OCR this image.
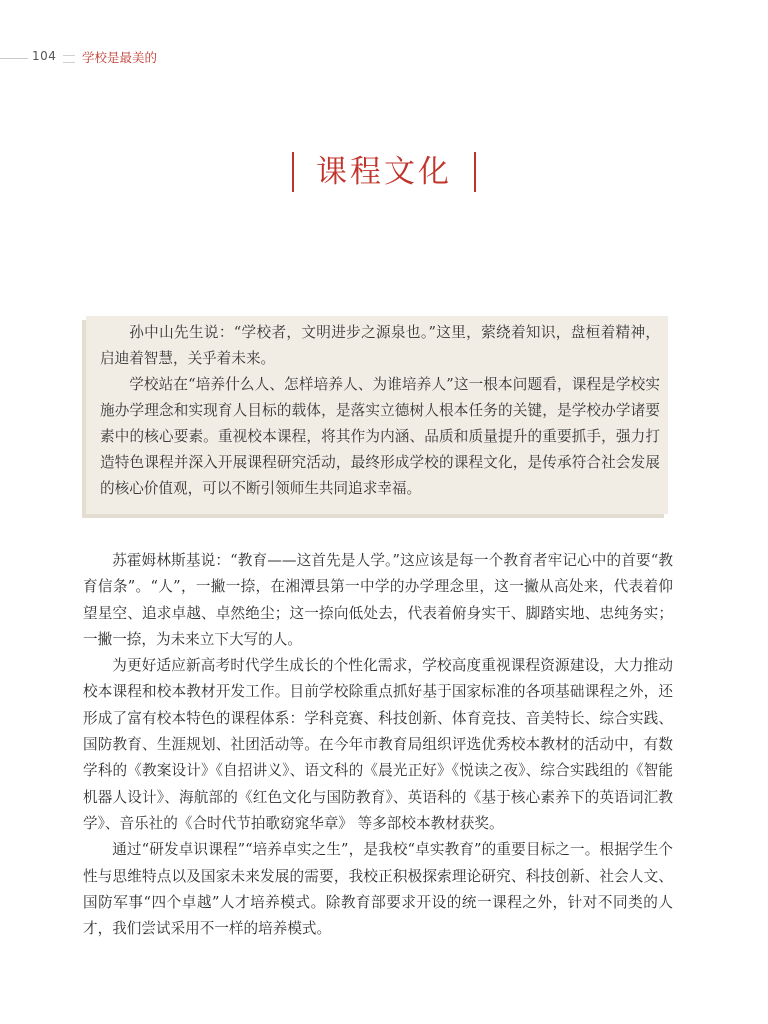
104 学校是最美的
课程文化

孙中山先生说：“学校者，文明进步之源泉也。”这里，萦绕着知识，盘桓着精神，启迪着智慧，关乎着未来。

学校站在“培养什么人、怎样培养人、为谁培养人”这一根本问题看，课程是学校实施办学理念和实现育人目标的载体，是落实立德树人根本任务的关键，是学校办学诸要素中的核心要素。重视校本课程，将其作为内涵、品质和质量提升的重要抓手，强力打造特色课程并深入开展课程研究活动，最终形成学校的课程文化，是传承符合社会发展的核心价值观，可以不断引领师生共同追求幸福。

苏霍姆林斯基说：“教育——这首先是人学。”这应该是每一个教育者牢记心中的首要“教育信条”。“人”，一撇一捺，在湘潭县第一中学的办学理念里，这一撇从高处来，代表着仰望星空、追求卓越、卓然绝尘；这一捺向低处去，代表着俯身实干、脚踏实地、忠纯务实；一撇一捺，为未来立下大写的人。

为更好适应新高考时代学生成长的个性化需求，学校高度重视课程资源建设，大力推动校本课程和校本教材开发工作。目前学校除重点抓好基于国家标准的各项基础课程之外，还形成了富有校本特色的课程体系：学科竞赛、科技创新、体育竞技、音美特长、综合实践、国防教育、生涯规划、社团活动等。在今年市教育局组织评选优秀校本教材的活动中，有数学科的《教案设计》《自招讲义》、语文科的《晨光正好》《悦读之夜》、综合实践组的《智能机器人设计》、海航部的《红色文化与国防教育》、英语科的《基于核心素养下的英语词汇教学》、音乐社的《合时代节拍歌窈窕华章》 等多部校本教材获奖。

通过“研发卓识课程”“培养卓实之生”，是我校“卓实教育”的重要目标之一。根据学生个性与思维特点以及国家未来发展的需要，我校正积极探索理论研究、科技创新、社会人文、国防军事“四个卓越”人才培养模式。除教育部要求开设的统一课程之外，针对不同类的人才，我们尝试采用不一样的培养模式。
